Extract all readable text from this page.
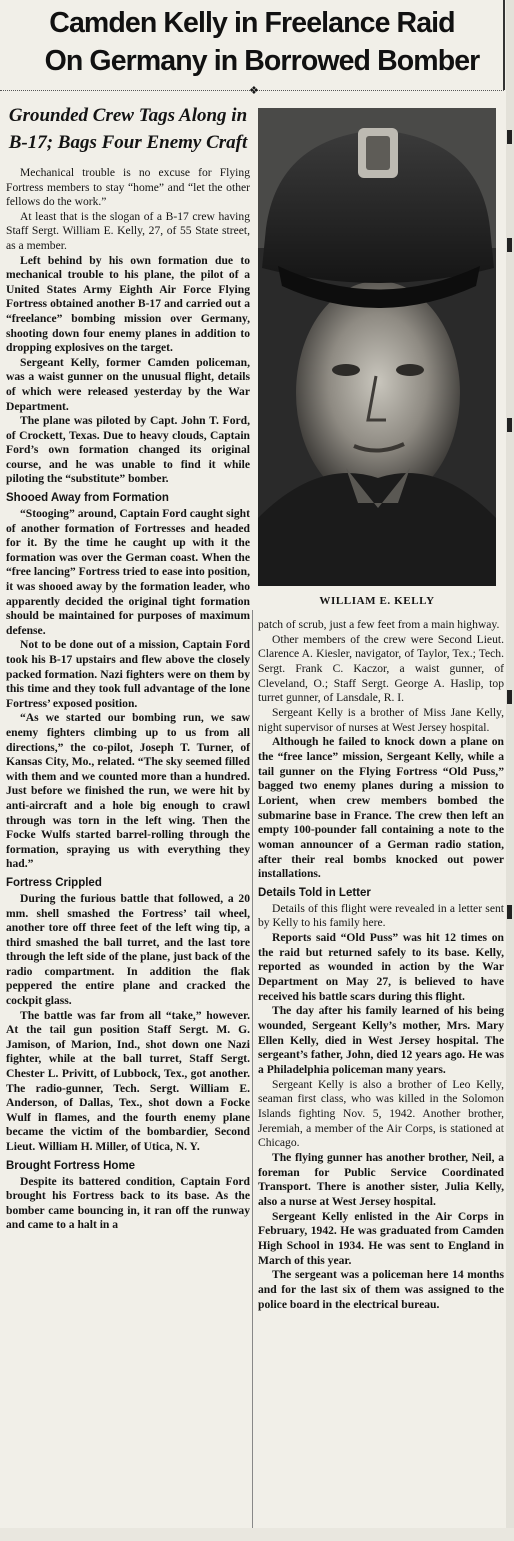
Camden Kelly in Freelance Raid
On Germany in Borrowed Bomber
❖
Grounded Crew Tags Along in B-17; Bags Four Enemy Craft

Mechanical trouble is no excuse for Flying Fortress members to stay “home” and “let the other fellows do the work.”

At least that is the slogan of a B-17 crew having Staff Sergt. William E. Kelly, 27, of 55 State street, as a member.

Left behind by his own formation due to mechanical trouble to his plane, the pilot of a United States Army Eighth Air Force Flying Fortress obtained another B-17 and carried out a “freelance” bombing mission over Germany, shooting down four enemy planes in addition to dropping explosives on the target.

Sergeant Kelly, former Camden policeman, was a waist gunner on the unusual flight, details of which were released yesterday by the War Department.

The plane was piloted by Capt. John T. Ford, of Crockett, Texas. Due to heavy clouds, Captain Ford’s own formation changed its original course, and he was unable to find it while piloting the “substitute” bomber.

Shooed Away from Formation

“Stooging” around, Captain Ford caught sight of another formation of Fortresses and headed for it. By the time he caught up with it the formation was over the German coast. When the “free lancing” Fortress tried to ease into position, it was shooed away by the formation leader, who apparently decided the original tight formation should be maintained for purposes of maximum defense.

Not to be done out of a mission, Captain Ford took his B-17 upstairs and flew above the closely packed formation. Nazi fighters were on them by this time and they took full advantage of the lone Fortress’ exposed position.

“As we started our bombing run, we saw enemy fighters climbing up to us from all directions,” the co-pilot, Joseph T. Turner, of Kansas City, Mo., related. “The sky seemed filled with them and we counted more than a hundred. Just before we finished the run, we were hit by anti-aircraft and a hole big enough to crawl through was torn in the left wing. Then the Focke Wulfs started barrel-rolling through the formation, spraying us with everything they had.”

Fortress Crippled

During the furious battle that followed, a 20 mm. shell smashed the Fortress’ tail wheel, another tore off three feet of the left wing tip, a third smashed the ball turret, and the last tore through the left side of the plane, just back of the radio compartment. In addition the flak peppered the entire plane and cracked the cockpit glass.

The battle was far from all “take,” however. At the tail gun position Staff Sergt. M. G. Jamison, of Marion, Ind., shot down one Nazi fighter, while at the ball turret, Staff Sergt. Chester L. Privitt, of Lubbock, Tex., got another. The radio-gunner, Tech. Sergt. William E. Anderson, of Dallas, Tex., shot down a Focke Wulf in flames, and the fourth enemy plane became the victim of the bombardier, Second Lieut. William H. Miller, of Utica, N. Y.

Brought Fortress Home

Despite its battered condition, Captain Ford brought his Fortress back to its base. As the bomber came bouncing in, it ran off the runway and came to a halt in a

WILLIAM E. KELLY

patch of scrub, just a few feet from a main highway.

Other members of the crew were Second Lieut. Clarence A. Kiesler, navigator, of Taylor, Tex.; Tech. Sergt. Frank C. Kaczor, a waist gunner, of Cleveland, O.; Staff Sergt. George A. Haslip, top turret gunner, of Lansdale, R. I.

Sergeant Kelly is a brother of Miss Jane Kelly, night supervisor of nurses at West Jersey hospital.

Although he failed to knock down a plane on the “free lance” mission, Sergeant Kelly, while a tail gunner on the Flying Fortress “Old Puss,” bagged two enemy planes during a mission to Lorient, when crew members bombed the submarine base in France. The crew then left an empty 100-pounder fall containing a note to the woman announcer of a German radio station, after their real bombs knocked out power installations.

Details Told in Letter

Details of this flight were revealed in a letter sent by Kelly to his family here.

Reports said “Old Puss” was hit 12 times on the raid but returned safely to its base. Kelly, reported as wounded in action by the War Department on May 27, is believed to have received his battle scars during this flight.

The day after his family learned of his being wounded, Sergeant Kelly’s mother, Mrs. Mary Ellen Kelly, died in West Jersey hospital. The sergeant’s father, John, died 12 years ago. He was a Philadelphia policeman many years.

Sergeant Kelly is also a brother of Leo Kelly, seaman first class, who was killed in the Solomon Islands fighting Nov. 5, 1942. Another brother, Jeremiah, a member of the Air Corps, is stationed at Chicago.

The flying gunner has another brother, Neil, a foreman for Public Service Coordinated Transport. There is another sister, Julia Kelly, also a nurse at West Jersey hospital.

Sergeant Kelly enlisted in the Air Corps in February, 1942. He was graduated from Camden High School in 1934. He was sent to England in March of this year.

The sergeant was a policeman here 14 months and for the last six of them was assigned to the police board in the electrical bureau.
